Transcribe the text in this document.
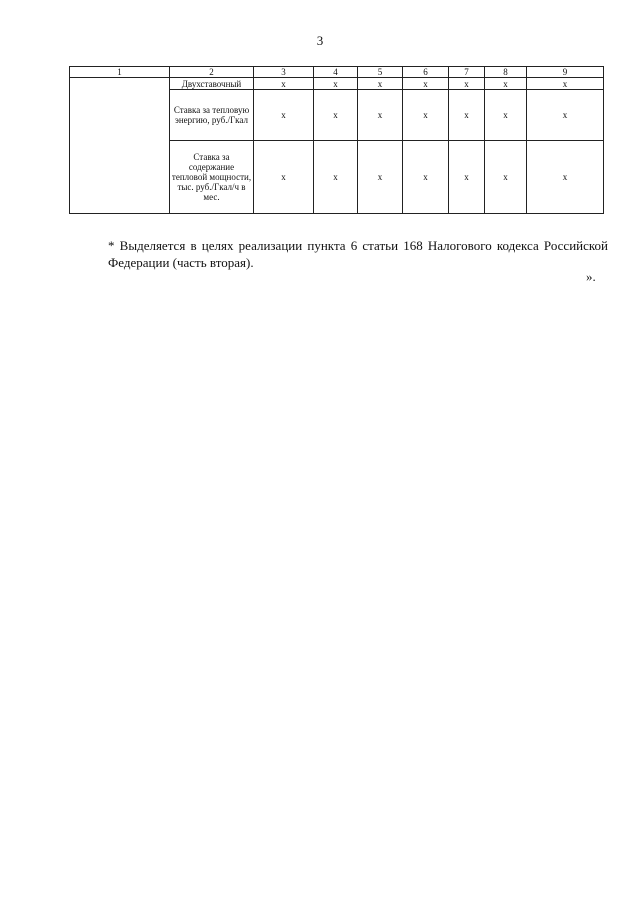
3
1	2	3	4	5	6	7	8	9
	Двухставочный	х	х	х	х	х	х	х
	Ставка за тепловую энергию, руб./Гкал	х	х	х	х	х	х	х
	Ставка за содержание тепловой мощности, тыс. руб./Гкал/ч в мес.	х	х	х	х	х	х	х
* Выделяется в целях реализации пункта 6 статьи 168 Налогового кодекса Российской Федерации (часть вторая).
».
